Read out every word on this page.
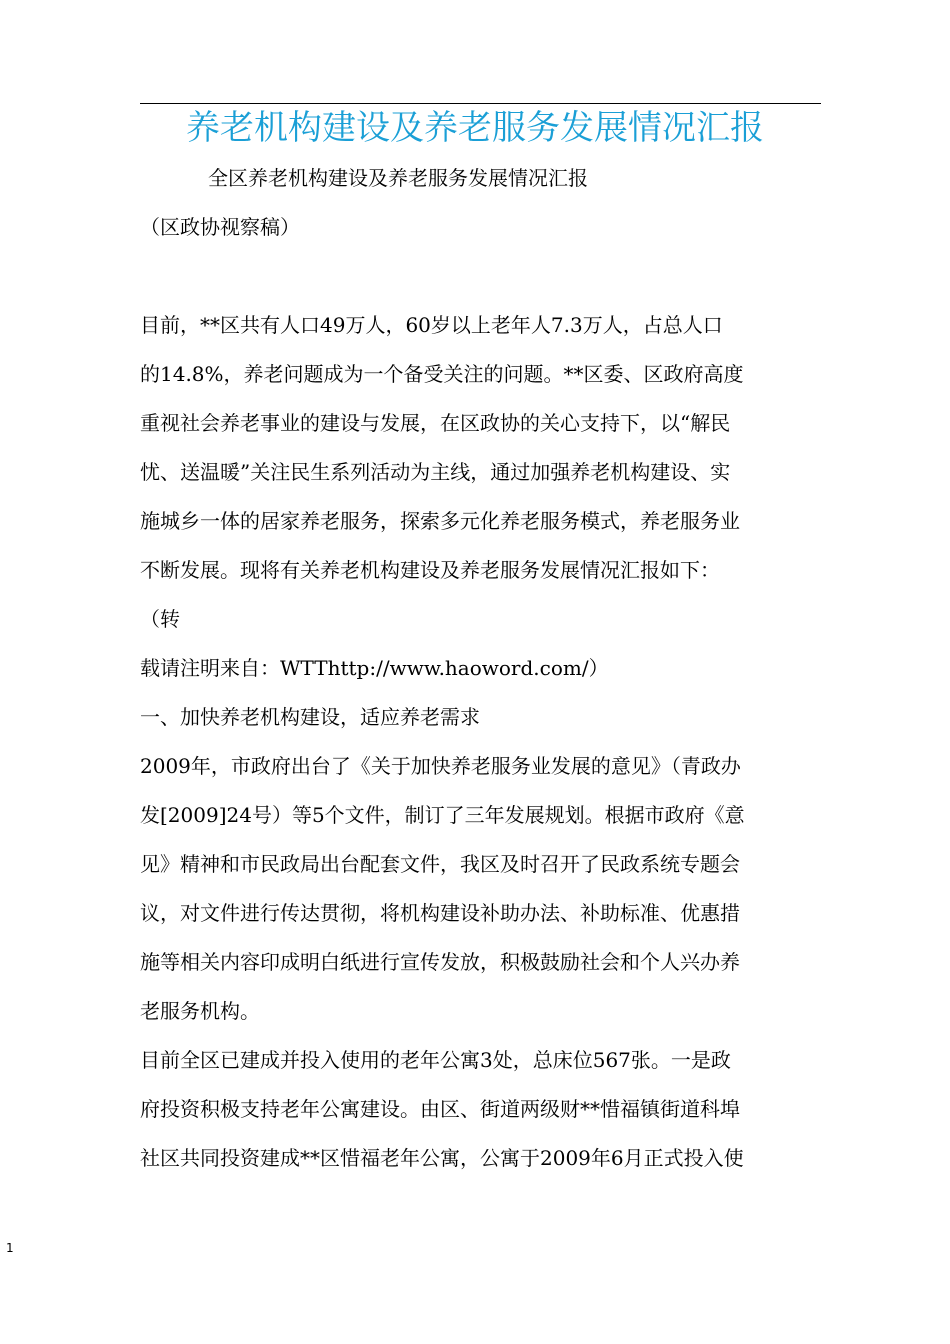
养老机构建设及养老服务发展情况汇报
全区养老机构建设及养老服务发展情况汇报
（区政协视察稿）
目前，**区共有人口49万人，60岁以上老年人7.3万人，占总人口
的14.8%，养老问题成为一个备受关注的问题。**区委、区政府高度
重视社会养老事业的建设与发展，在区政协的关心支持下，以“解民
忧、送温暖”关注民生系列活动为主线，通过加强养老机构建设、实
施城乡一体的居家养老服务，探索多元化养老服务模式，养老服务业
不断发展。现将有关养老机构建设及养老服务发展情况汇报如下：
（转
载请注明来自：WTThttp://www.haoword.com/）
一、加快养老机构建设，适应养老需求
2009年，市政府出台了《关于加快养老服务业发展的意见》（青政办
发[2009]24号）等5个文件，制订了三年发展规划。根据市政府《意
见》精神和市民政局出台配套文件，我区及时召开了民政系统专题会
议，对文件进行传达贯彻，将机构建设补助办法、补助标准、优惠措
施等相关内容印成明白纸进行宣传发放，积极鼓励社会和个人兴办养
老服务机构。
目前全区已建成并投入使用的老年公寓3处，总床位567张。一是政
府投资积极支持老年公寓建设。由区、街道两级财**惜福镇街道科埠
社区共同投资建成**区惜福老年公寓，公寓于2009年6月正式投入使
1
